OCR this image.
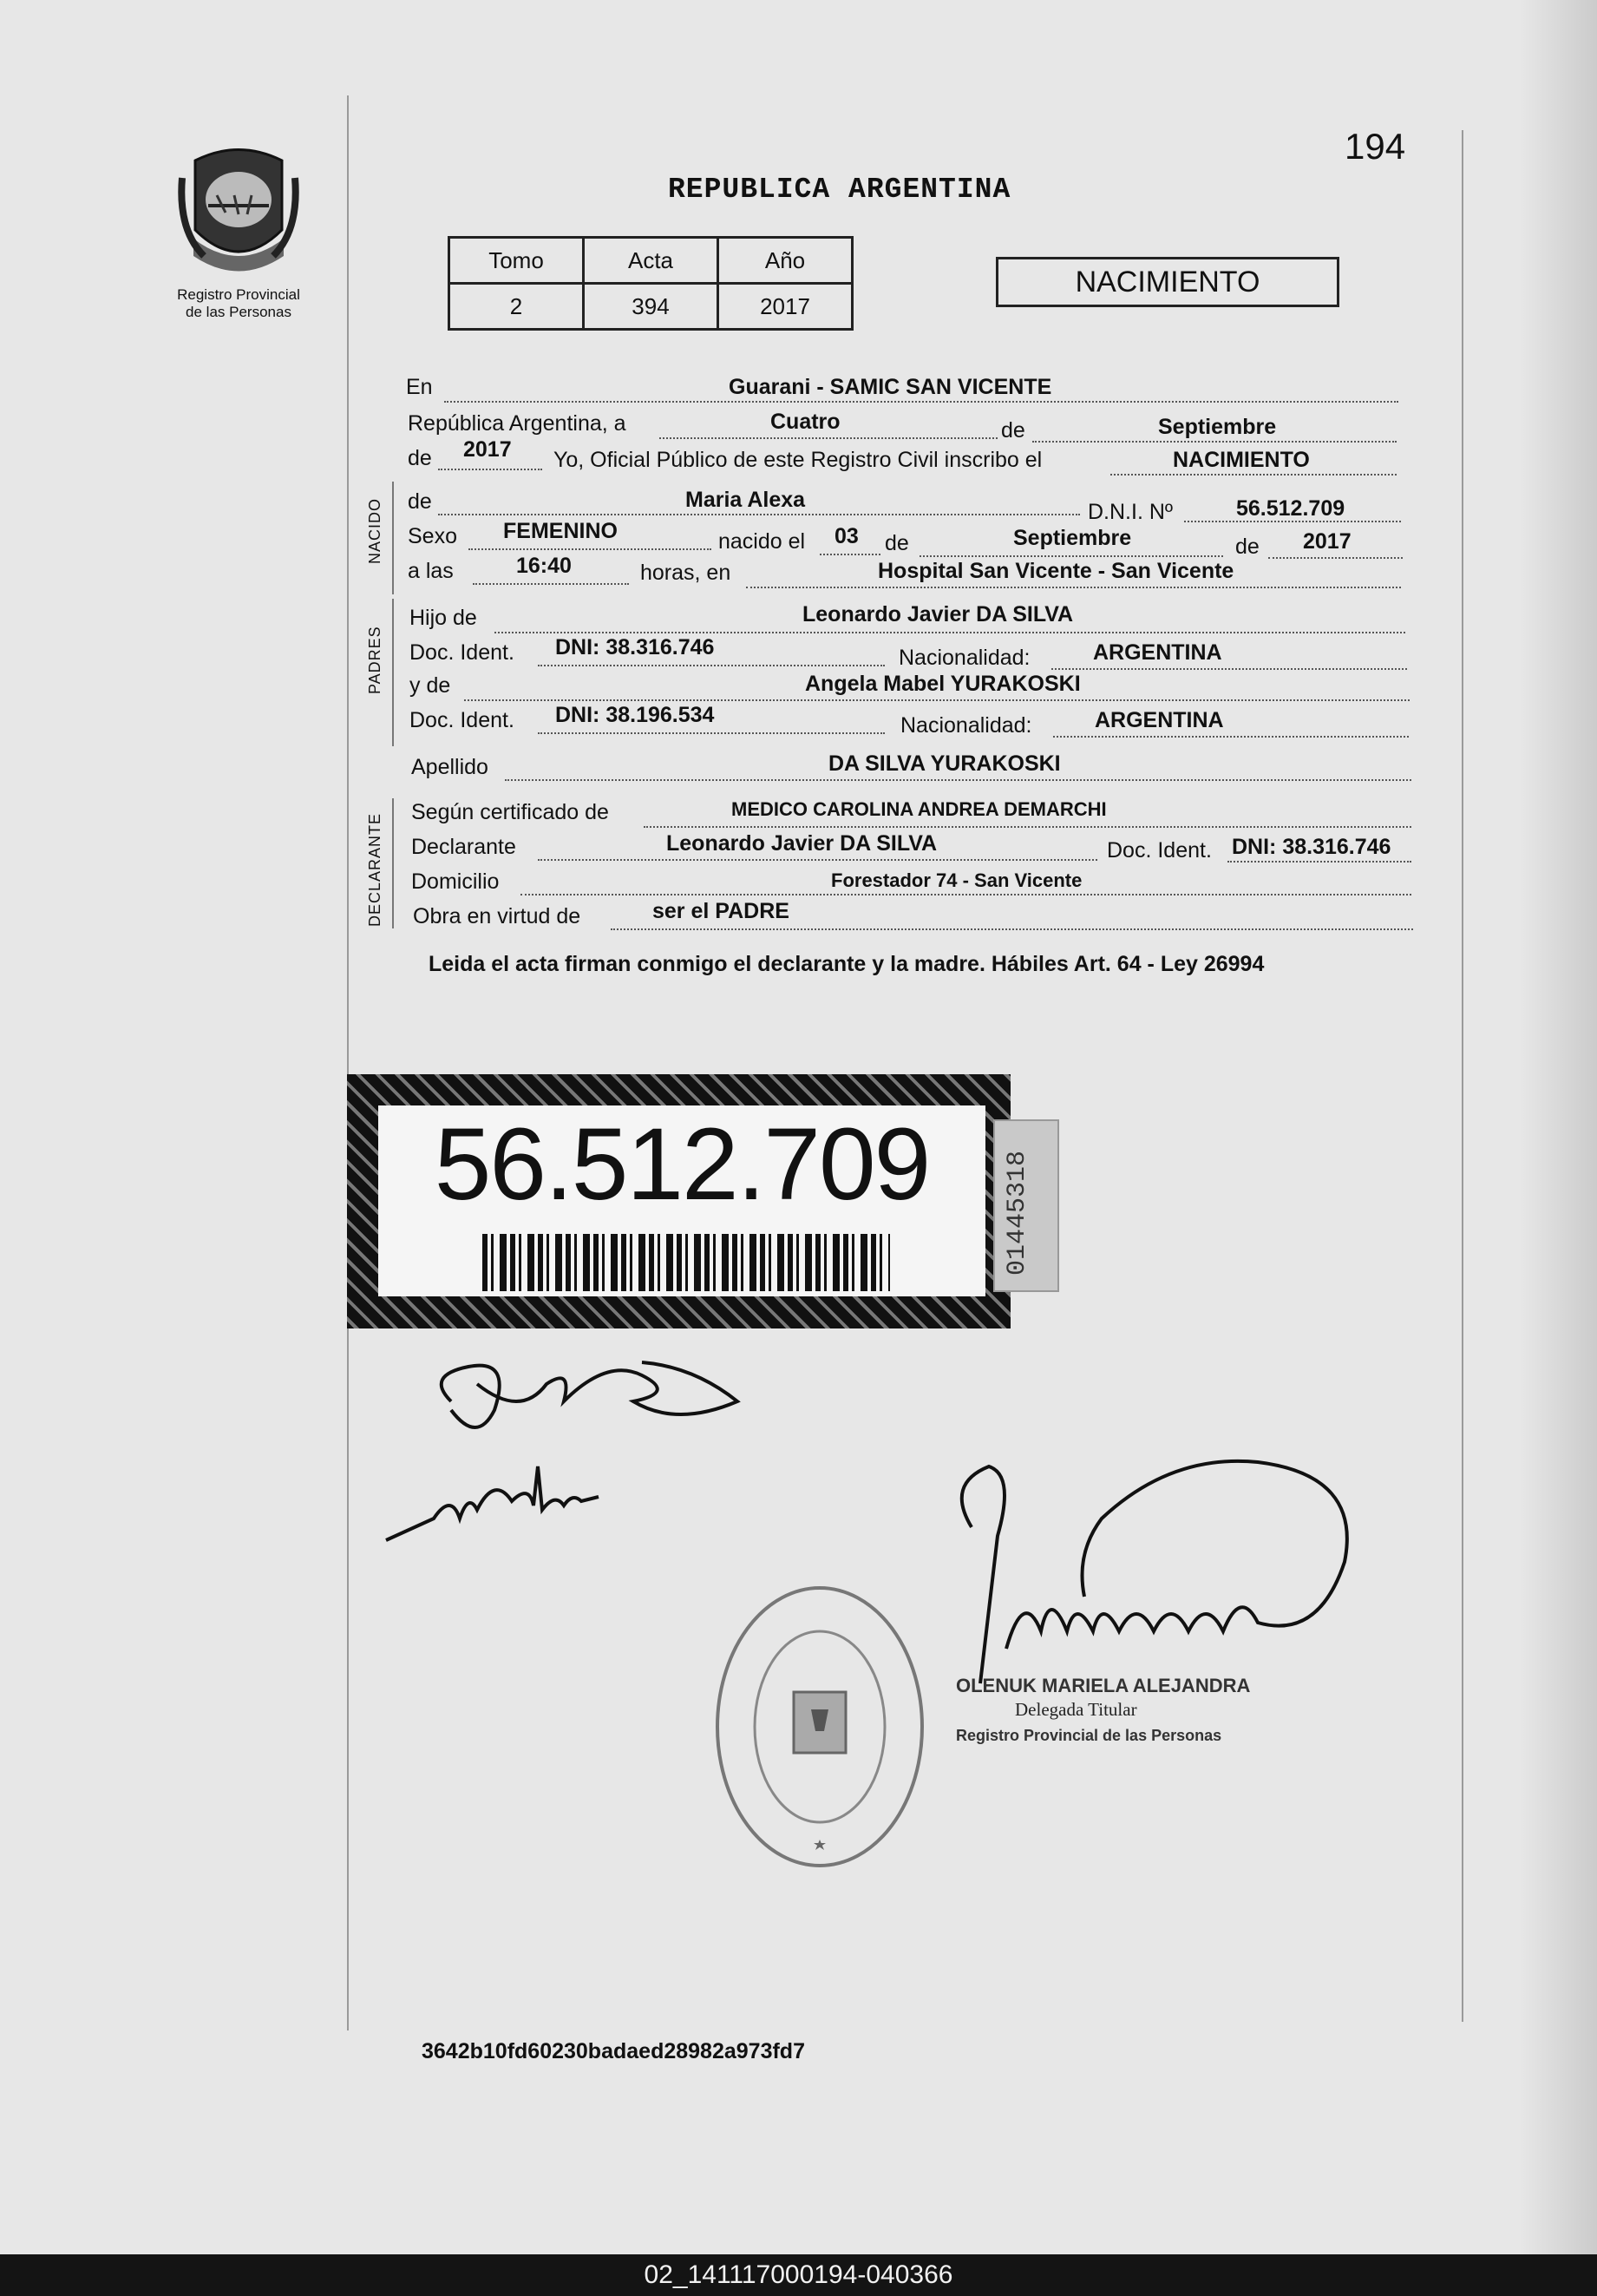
194
Registro Provincial
de las Personas
REPUBLICA ARGENTINA
Tomo	Acta	Año
2	394	2017
NACIMIENTO
NACIDO
PADRES
DECLARANTE
En	Guarani - SAMIC SAN VICENTE
República Argentina, a	Cuatro	de	Septiembre
de 2017 Yo, Oficial Público de este Registro Civil inscribo el	NACIMIENTO
de	Maria Alexa	D.N.I. Nº	56.512.709
Sexo FEMENINO	nacido el 03 de	Septiembre	de 2017
a las	16:40	horas, en	Hospital San Vicente - San Vicente
Hijo de	Leonardo Javier DA SILVA
Doc. Ident. DNI: 38.316.746	Nacionalidad:	ARGENTINA
y de	Angela Mabel YURAKOSKI
Doc. Ident. DNI: 38.196.534	Nacionalidad:	ARGENTINA
Apellido	DA SILVA YURAKOSKI
Según certificado de	MEDICO CAROLINA ANDREA DEMARCHI
Declarante	Leonardo Javier DA SILVA	Doc. Ident. DNI: 38.316.746
Domicilio	Forestador 74 - San Vicente
Obra en virtud de	ser el PADRE
Leida el acta firman conmigo el declarante y la madre. Hábiles Art. 64 - Ley 26994
56.512.709	01445318
OLENUK MARIELA ALEJANDRA
Delegada Titular
Registro Provincial de las Personas
3642b10fd60230badaed28982a973fd7
02_141117000194-040366
